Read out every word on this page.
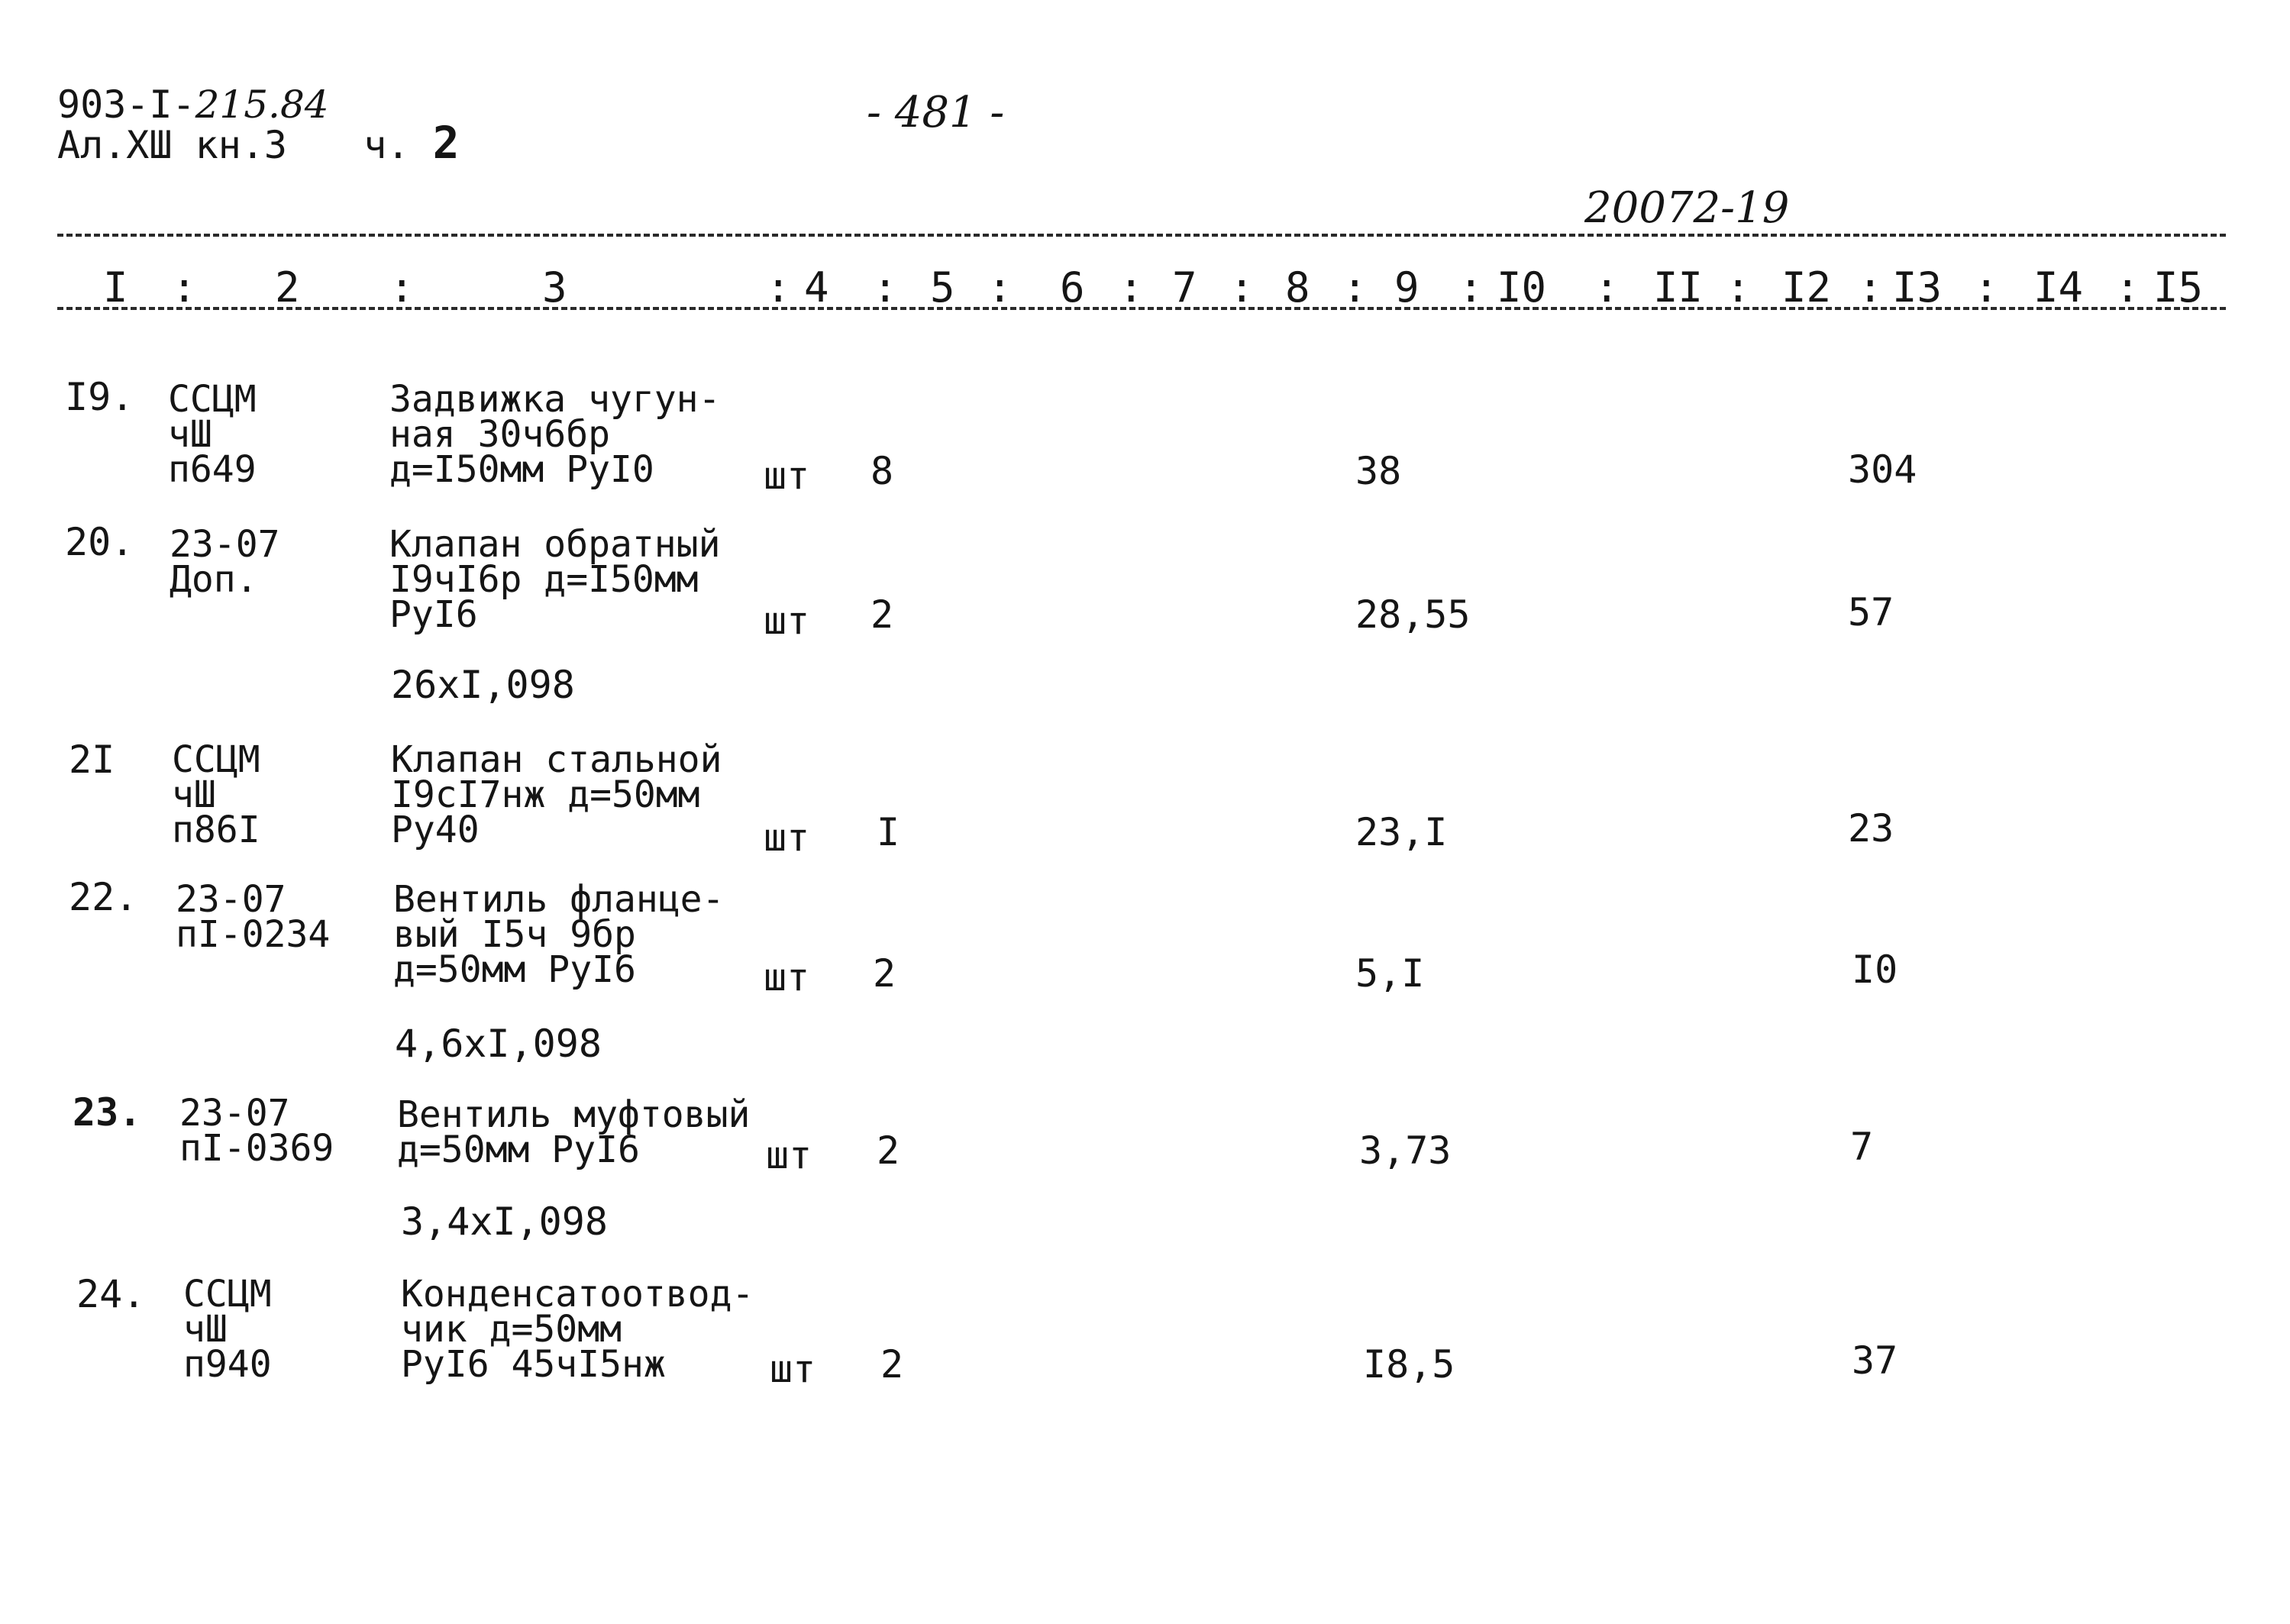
903-I-215.84
Ал.XШ кн.3 ч. 2
- 481 -
20072-19
I : 2 :	3	: 4 : 5 : 6 : 7 : 8 : 9 : I0 : II : I2 : I3 : I4 : I5
I9. CCЦМ
чШ
п649
Задвижка чугун-
ная 30ч6бр
д=I50мм РуI0	шт 8	38	304
20. 23-07
Доп.
Клапан обратный
I9чI6р д=I50мм
РуI6	шт 2	28,55	57
26хI,098
2I CCЦМ
чШ
п86I
Клапан стальной
I9сI7нж д=50мм
Ру40	шт I	23,I	23
22. 23-07
пI-0234
Вентиль фланце-
вый I5ч 9бр
д=50мм РуI6	шт 2	5,I	I0
4,6хI,098
23. 23-07
пI-0369
Вентиль муфтовый
д=50мм РуI6	шт 2	3,73	7
3,4хI,098
24. CCЦМ
чШ
п940
Конденсатоотвод-
чик д=50мм
РуI6 45чI5нж	шт 2	I8,5	37
